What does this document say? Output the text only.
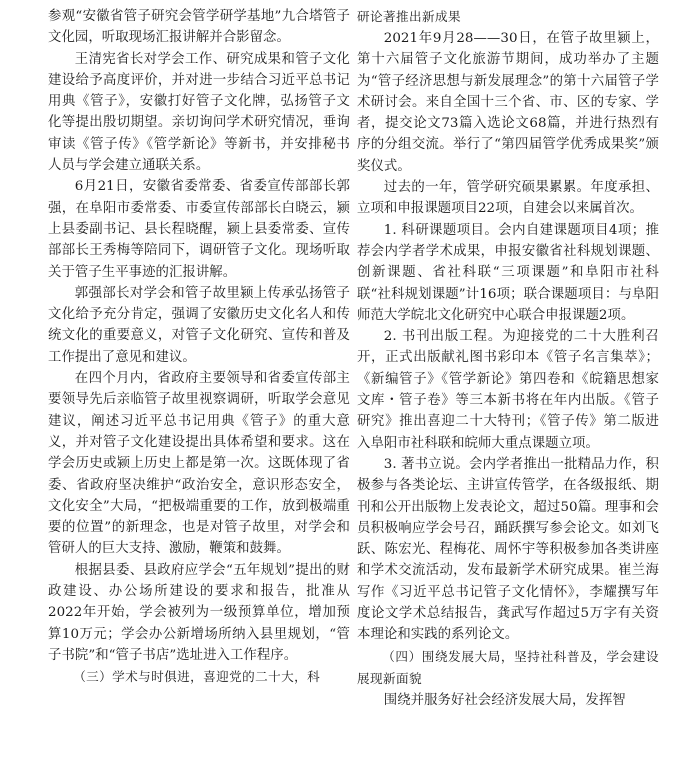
参观“安徽省管子研究会管学研学基地”九合塔管子文化园，听取现场汇报讲解并合影留念。

王清宪省长对学会工作、研究成果和管子文化建设给予高度评价，并对进一步结合习近平总书记用典《管子》，安徽打好管子文化牌，弘扬管子文化等提出殷切期望。亲切询问学术研究情况，垂询审读《管子传》《管学新论》等新书，并安排秘书人员与学会建立通联关系。

6月21日，安徽省委常委、省委宣传部部长郭强，在阜阳市委常委、市委宣传部部长白晓云，颍上县委副书记、县长程晓醒，颍上县委常委、宣传部部长王秀梅等陪同下，调研管子文化。现场听取关于管子生平事迹的汇报讲解。

郭强部长对学会和管子故里颍上传承弘扬管子文化给予充分肯定，强调了安徽历史文化名人和传统文化的重要意义，对管子文化研究、宣传和普及工作提出了意见和建议。

在四个月内，省政府主要领导和省委宣传部主要领导先后亲临管子故里视察调研，听取学会意见建议，阐述习近平总书记用典《管子》的重大意义，并对管子文化建设提出具体希望和要求。这在学会历史或颍上历史上都是第一次。这既体现了省委、省政府坚决维护“政治安全，意识形态安全，文化安全”大局，“把极端重要的工作，放到极端重要的位置”的新理念，也是对管子故里，对学会和管研人的巨大支持、激励，鞭策和鼓舞。

根据县委、县政府应学会“五年规划”提出的财政建设、办公场所建设的要求和报告，批准从2022年开始，学会被列为一级预算单位，增加预算10万元；学会办公新增场所纳入县里规划，“管子书院”和“管子书店”选址进入工作程序。

（三）学术与时俱进，喜迎党的二十大，科

研论著推出新成果

2021年9月28——30日，在管子故里颍上，第十六届管子文化旅游节期间，成功举办了主题为“管子经济思想与新发展理念”的第十六届管子学术研讨会。来自全国十三个省、市、区的专家、学者，提交论文73篇入选论文68篇，并进行热烈有序的分组交流。举行了“第四届管学优秀成果奖”颁奖仪式。

过去的一年，管学研究硕果累累。年度承担、立项和申报课题项目22项，自建会以来属首次。

1. 科研课题项目。会内自建课题项目4项；推荐会内学者学术成果，申报安徽省社科规划课题、创新课题、省社科联“三项课题”和阜阳市社科联“社科规划课题”计16项；联合课题项目：与阜阳师范大学皖北文化研究中心联合申报课题2项。

2. 书刊出版工程。为迎接党的二十大胜利召开，正式出版献礼图书彩印本《管子名言集萃》；《新编管子》《管学新论》第四卷和《皖籍思想家文库・管子卷》等三本新书将在年内出版。《管子研究》推出喜迎二十大特刊；《管子传》第二版进入阜阳市社科联和皖师大重点课题立项。

3. 著书立说。会内学者推出一批精品力作，积极参与各类论坛、主讲宣传管学，在各级报纸、期刊和公开出版物上发表论文，超过50篇。理事和会员积极响应学会号召，踊跃撰写参会论文。如刘飞跃、陈宏光、程梅花、周怀宇等积极参加各类讲座和学术交流活动，发布最新学术研究成果。崔兰海写作《习近平总书记管子文化情怀》，李耀撰写年度论文学术总结报告，龚武写作超过5万字有关资本理论和实践的系列论文。

（四）围绕发展大局，坚持社科普及，学会建设展现新面貌

围绕并服务好社会经济发展大局，发挥智
